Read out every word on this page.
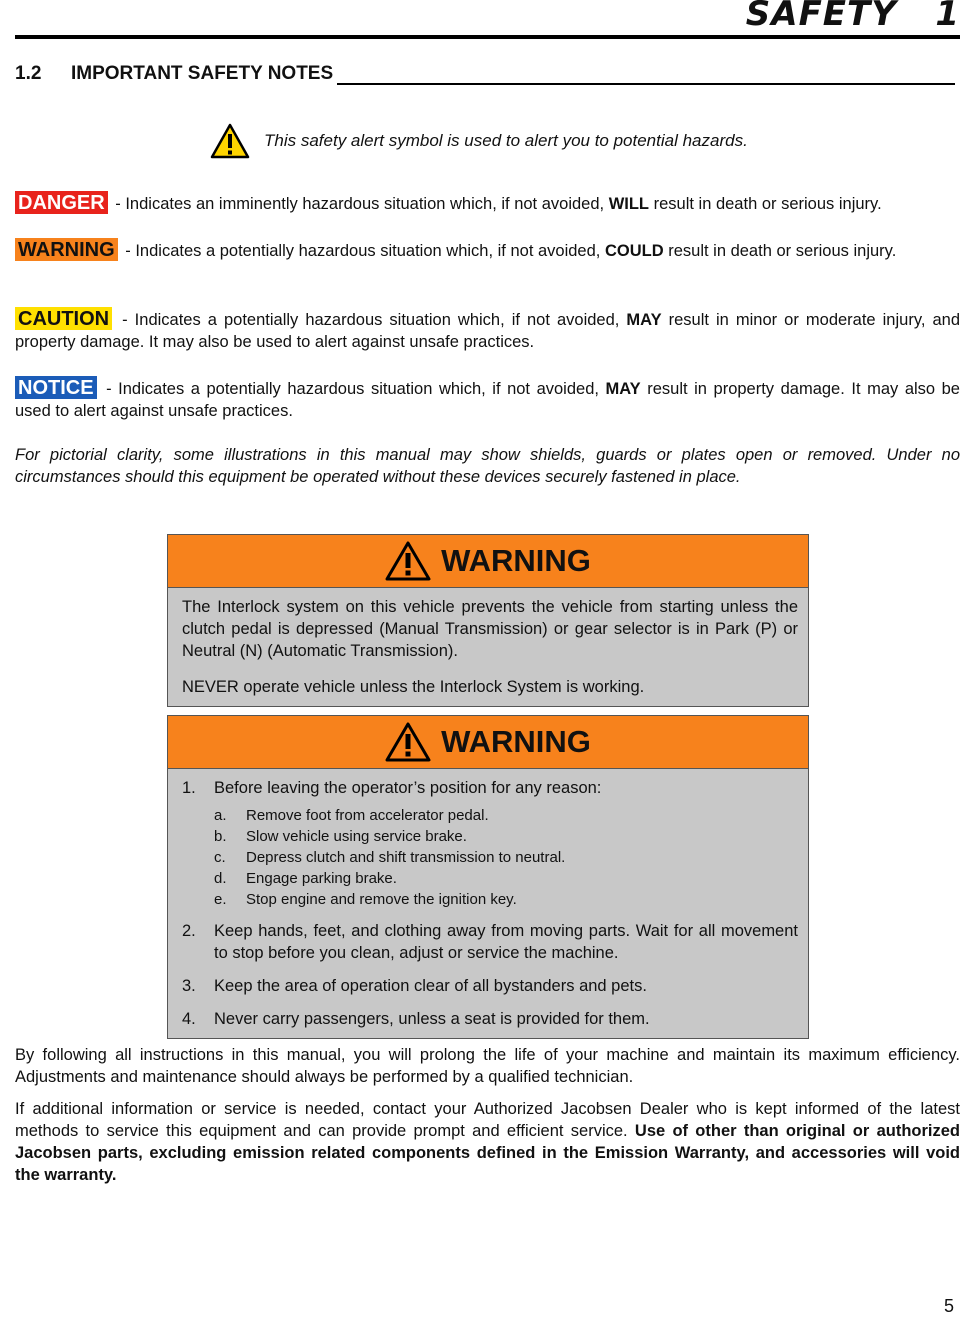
SAFETY   1
1.2	IMPORTANT SAFETY NOTES
This safety alert symbol is used to alert you to potential hazards.
DANGER - Indicates an imminently hazardous situation which, if not avoided, WILL result in death or serious injury.
WARNING - Indicates a potentially hazardous situation which, if not avoided, COULD result in death or serious injury.
CAUTION - Indicates a potentially hazardous situation which, if not avoided, MAY result in minor or moderate injury, and property damage. It may also be used to alert against unsafe practices.
NOTICE - Indicates a potentially hazardous situation which, if not avoided, MAY result in property damage. It may also be used to alert against unsafe practices.
For pictorial clarity, some illustrations in this manual may show shields, guards or plates open or removed. Under no circumstances should this equipment be operated without these devices securely fastened in place.
WARNING

The Interlock system on this vehicle prevents the vehicle from starting unless the clutch pedal is depressed (Manual Transmission) or gear selector is in Park (P) or Neutral (N) (Automatic Transmission).

NEVER operate vehicle unless the Interlock System is working.

WARNING
1.	Before leaving the operator’s position for any reason:
a.	Remove foot from accelerator pedal.
b.	Slow vehicle using service brake.
c.	Depress clutch and shift transmission to neutral.
d.	Engage parking brake.
e.	Stop engine and remove the ignition key.
2.	Keep hands, feet, and clothing away from moving parts. Wait for all movement to stop before you clean, adjust or service the machine.
3.	Keep the area of operation clear of all bystanders and pets.
4.	Never carry passengers, unless a seat is provided for them.
By following all instructions in this manual, you will prolong the life of your machine and maintain its maximum efficiency. Adjustments and maintenance should always be performed by a qualified technician.
If additional information or service is needed, contact your Authorized Jacobsen Dealer who is kept informed of the latest methods to service this equipment and can provide prompt and efficient service. Use of other than original or authorized Jacobsen parts, excluding emission related components defined in the Emission Warranty, and accessories will void the warranty.
5
